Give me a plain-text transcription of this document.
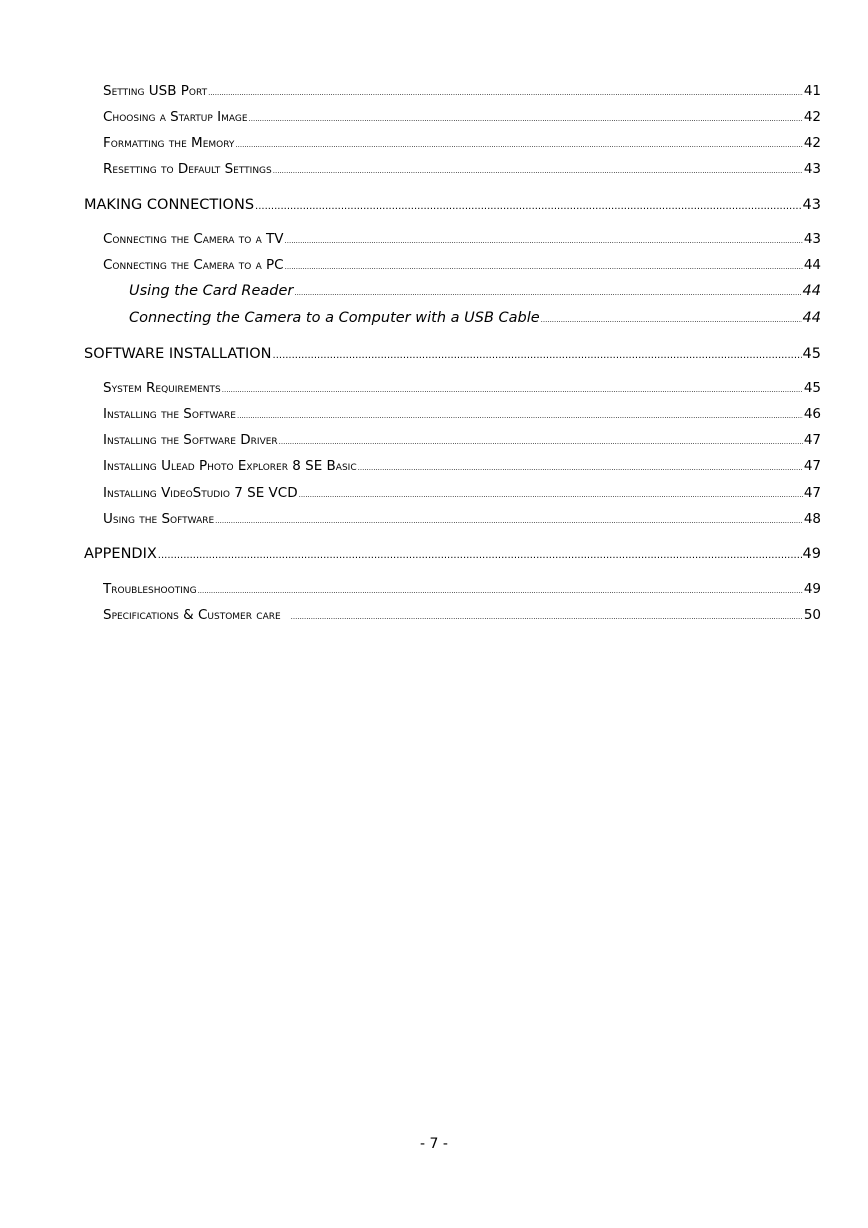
Setting USB Port .....	41
Choosing a Startup Image .....	42
Formatting the Memory .....	42
Resetting to Default Settings .....	43
MAKING CONNECTIONS .....	43
Connecting the Camera to a TV .....	43
Connecting the Camera to a PC .....	44
Using the Card Reader .....	44
Connecting the Camera to a Computer with a USB Cable .....	44
SOFTWARE INSTALLATION .....	45
System Requirements .....	45
Installing the Software .....	46
Installing the Software Driver .....	47
Installing Ulead Photo Explorer 8 SE Basic .....	47
Installing VideoStudio 7 SE VCD .....	47
Using the Software .....	48
APPENDIX .....	49
Troubleshooting .....	49
Specifications & Customer care .....	50
- 7 -
